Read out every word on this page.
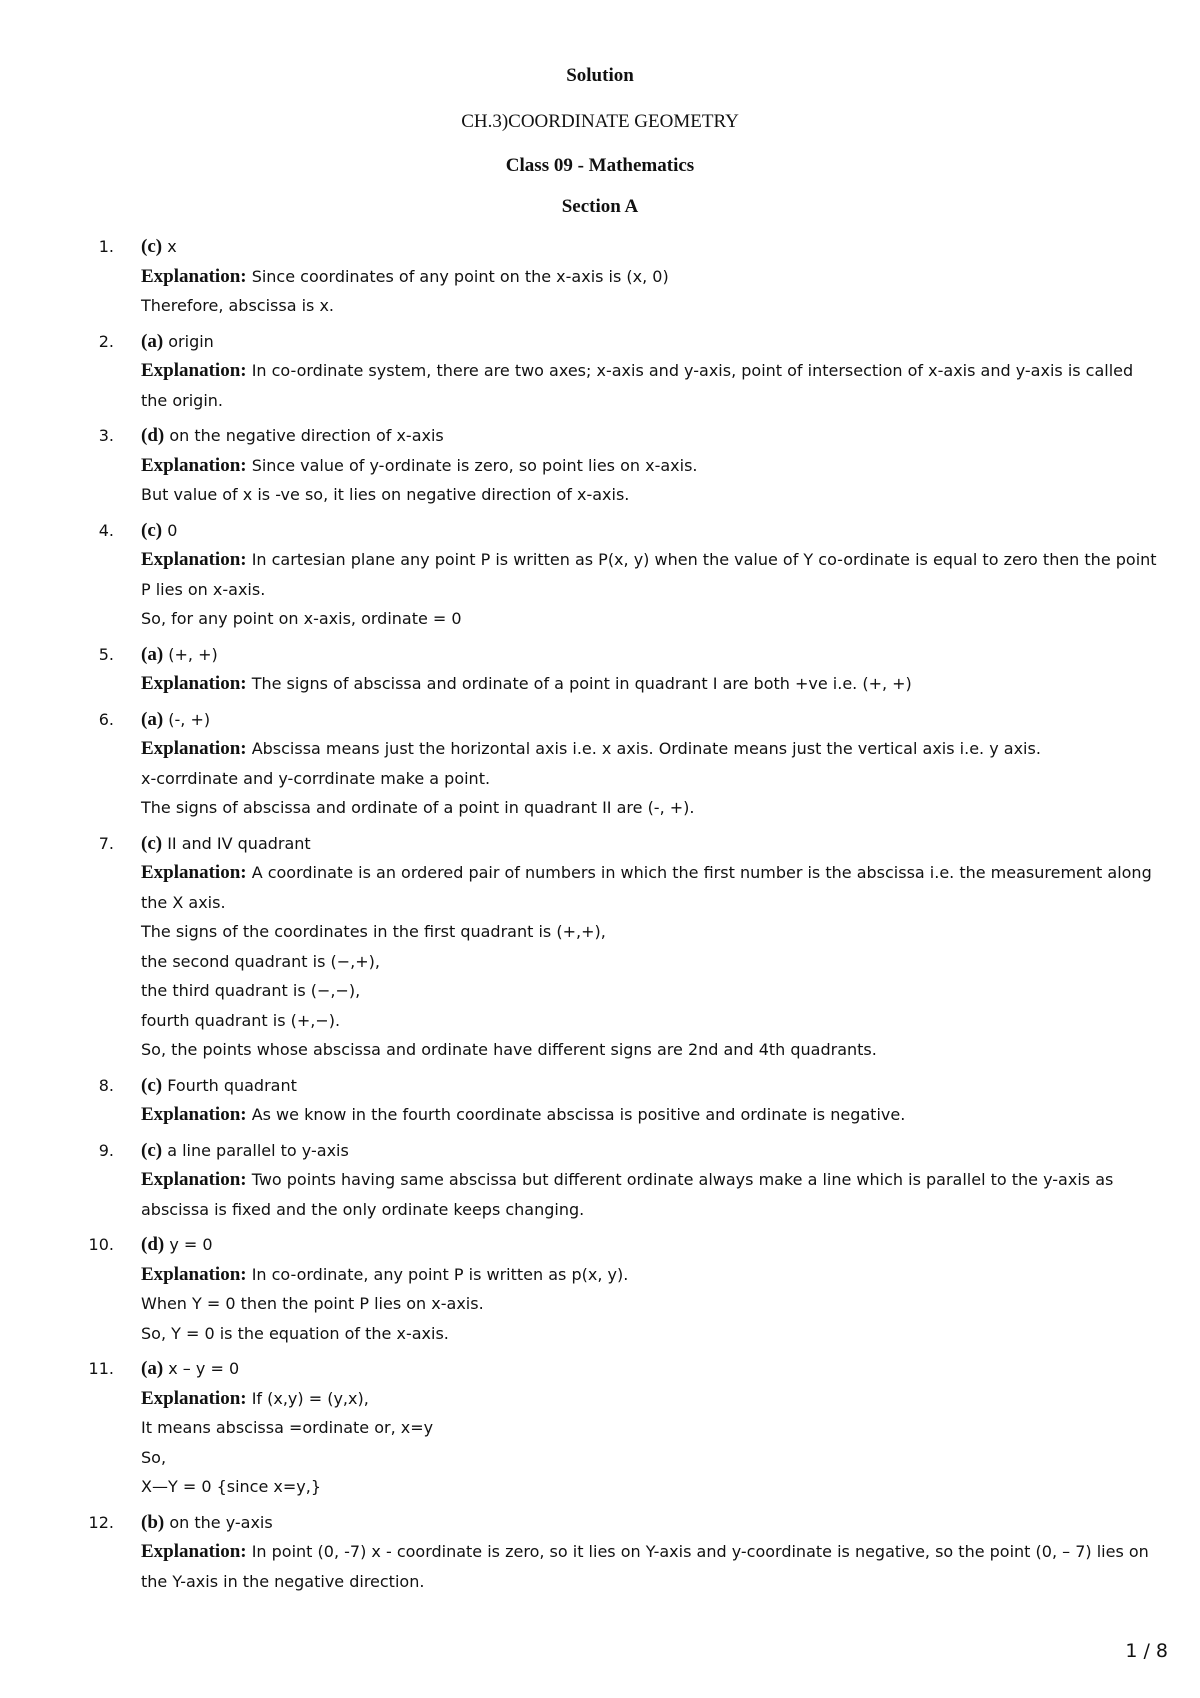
Solution
CH.3)COORDINATE GEOMETRY
Class 09 - Mathematics
Section A
1. (c) x
Explanation: Since coordinates of any point on the x-axis is (x, 0)
Therefore, abscissa is x.
2. (a) origin
Explanation: In co-ordinate system, there are two axes; x-axis and y-axis, point of intersection of x-axis and y-axis is called
the origin.
3. (d) on the negative direction of x-axis
Explanation: Since value of y-ordinate is zero, so point lies on x-axis.
But value of x is -ve so, it lies on negative direction of x-axis.
4. (c) 0
Explanation: In cartesian plane any point P is written as P(x, y) when the value of Y co-ordinate is equal to zero then the point
P lies on x-axis.
So, for any point on x-axis, ordinate = 0
5. (a) (+, +)
Explanation: The signs of abscissa and ordinate of a point in quadrant I are both +ve i.e. (+, +)
6. (a) (-, +)
Explanation: Abscissa means just the horizontal axis i.e. x axis. Ordinate means just the vertical axis i.e. y axis.
x-corrdinate and y-corrdinate make a point.
The signs of abscissa and ordinate of a point in quadrant II are (-, +).
7. (c) II and IV quadrant
Explanation: A coordinate is an ordered pair of numbers in which the first number is the abscissa i.e. the measurement along
the X axis.
The signs of the coordinates in the first quadrant is (+,+),
the second quadrant is (−,+),
the third quadrant is (−,−),
fourth quadrant is (+,−).
So, the points whose abscissa and ordinate have different signs are 2nd and 4th quadrants.
8. (c) Fourth quadrant
Explanation: As we know in the fourth coordinate abscissa is positive and ordinate is negative.
9. (c) a line parallel to y-axis
Explanation: Two points having same abscissa but different ordinate always make a line which is parallel to the y-axis as
abscissa is fixed and the only ordinate keeps changing.
10. (d) y = 0
Explanation: In co-ordinate, any point P is written as p(x, y).
When Y = 0 then the point P lies on x-axis.
So, Y = 0 is the equation of the x-axis.
11. (a) x – y = 0
Explanation: If (x,y) = (y,x),
It means abscissa =ordinate or, x=y
So,
X—Y = 0 {since x=y,}
12. (b) on the y-axis
Explanation: In point (0, -7) x - coordinate is zero, so it lies on Y-axis and y-coordinate is negative, so the point (0, – 7) lies on
the Y-axis in the negative direction.
1 / 8
